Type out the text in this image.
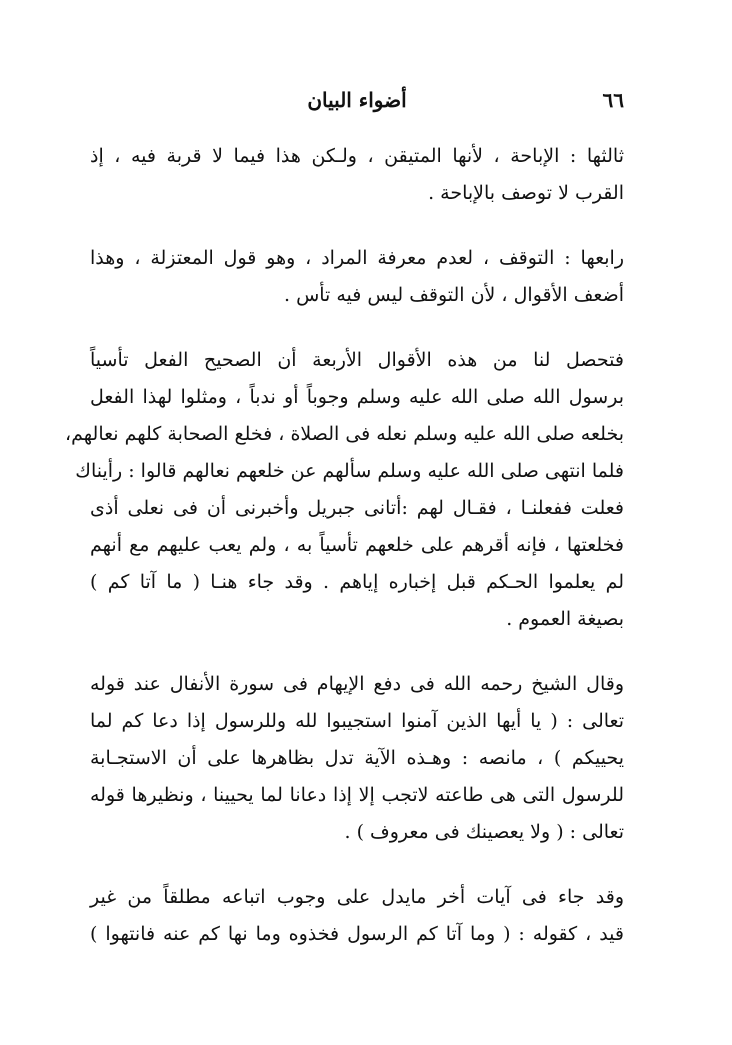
٦٦
أضواء البيان
ثالثها : الإباحة ، لأنها المتيقن ، ولـكن هذا فيما لا قربة فيه ، إذ
القرب لا توصف بالإباحة .
رابعها : التوقف ، لعدم معرفة المراد ، وهو قول المعتزلة ، وهذا
أضعف الأقوال ، لأن التوقف ليس فيه تأس .
فتحصل لنا من هذه الأقوال الأربعة أن الصحيح الفعل تأسياً
برسول الله صلى الله عليه وسلم وجوباً أو ندباً ، ومثلوا لهذا الفعل
بخلعه صلى الله عليه وسلم نعله فى الصلاة ، فخلع الصحابة كلهم نعالهم،
فلما انتهى صلى الله عليه وسلم سألهم عن خلعهم نعالهم قالوا : رأيناك
فعلت ففعلنـا ، فقـال لهم :أتانى جبريل وأخبرنى أن فى نعلى أذى
فخلعتها ، فإنه أقرهم على خلعهم تأسياً به ، ولم يعب عليهم مع أنهم
لم يعلموا الحـكم قبل إخباره إياهم . وقد جاء هنـا ( ما آتا كم )
بصيغة العموم .
وقال الشيخ رحمه الله فى دفع الإيهام فى سورة الأنفال عند قوله
تعالى : ( يا أيها الذين آمنوا استجيبوا لله وللرسول إذا دعا كم لما
يحييكم ) ، مانصه : وهـذه الآية تدل بظاهرها على أن الاستجـابة
للرسول التى هى طاعته لاتجب إلا إذا دعانا لما يحيينا ، ونظيرها قوله
تعالى : ( ولا يعصينك فى معروف ) .
وقد جاء فى آيات أخر مايدل على وجوب اتباعه مطلقاً من غير
قيد ، كقوله : ( وما آتا كم الرسول فخذوه وما نها كم عنه فانتهوا )
